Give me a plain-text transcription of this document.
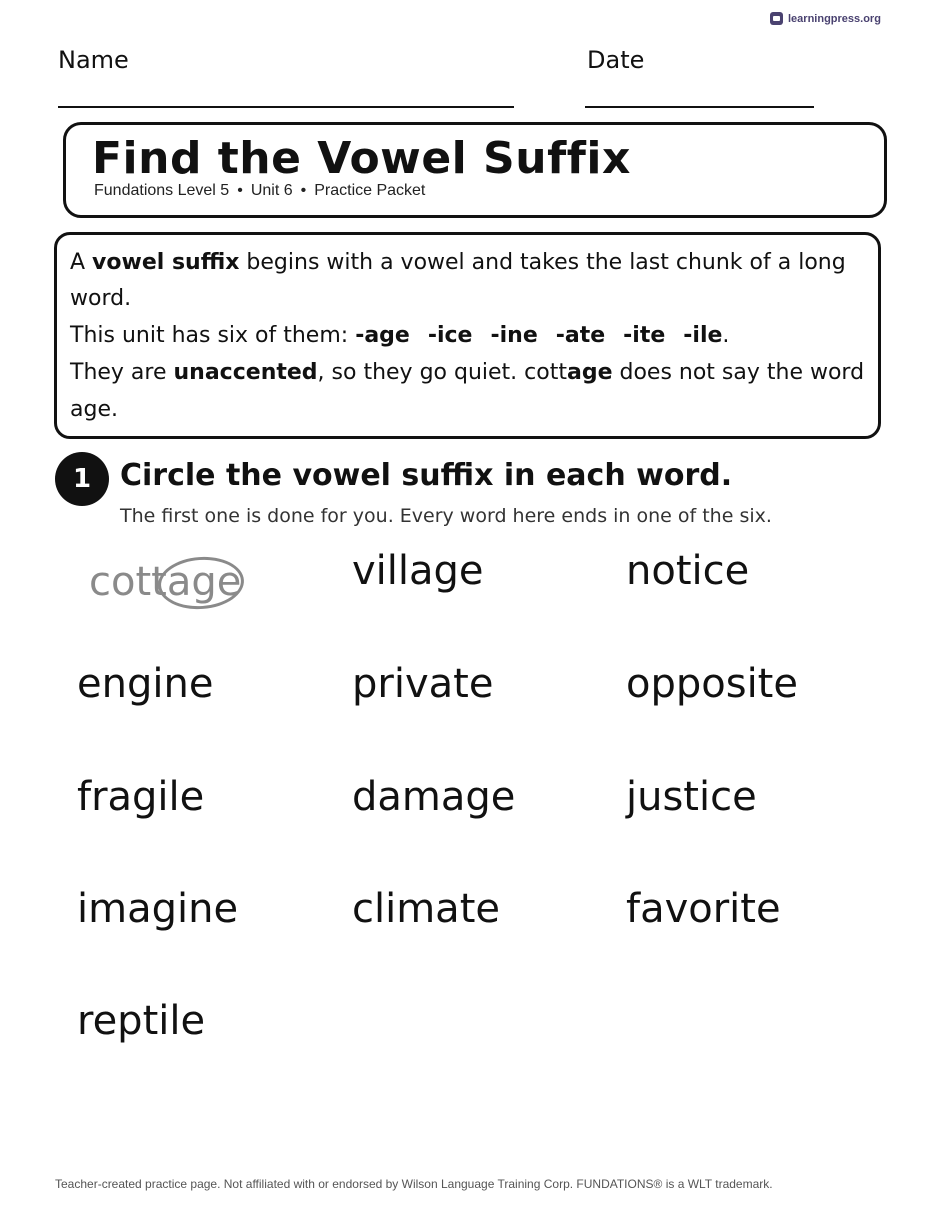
learningpress.org
Name	Date
Find the Vowel Suffix
Fundations Level 5 • Unit 6 • Practice Packet

A vowel suffix begins with a vowel and takes the last chunk of a long word.

This unit has six of them: -age -ice -ine -ate -ite -ile.

They are unaccented, so they go quiet. cottage does not say the word age.

1 Circle the vowel suffix in each word.
The first one is done for you. Every word here ends in one of the six.
cottage	village	notice
engine	private	opposite
fragile	damage	justice
imagine	climate	favorite
reptile
Teacher-created practice page. Not affiliated with or endorsed by Wilson Language Training Corp. FUNDATIONS® is a WLT trademark.
